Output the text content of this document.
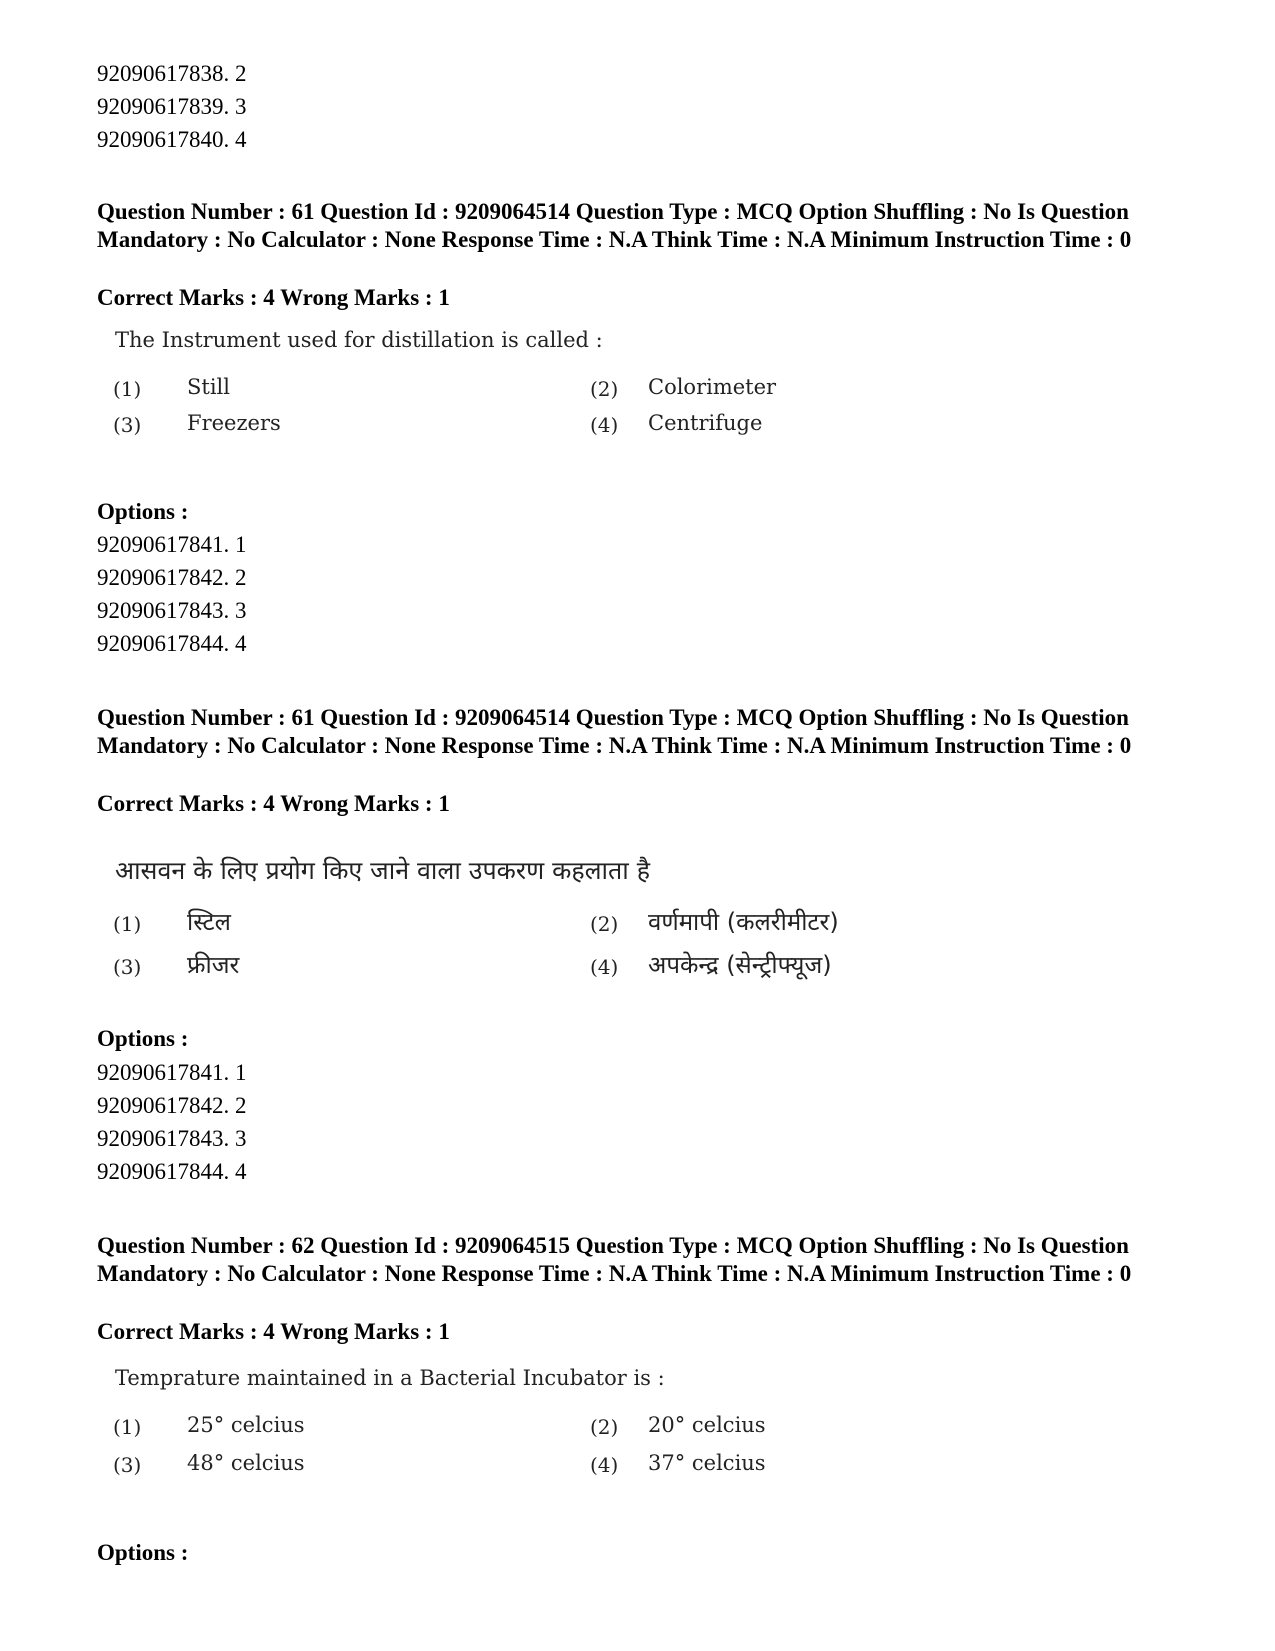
92090617838. 2
92090617839. 3
92090617840. 4
Question Number : 61 Question Id : 9209064514 Question Type : MCQ Option Shuffling : No Is Question Mandatory : No Calculator : None Response Time : N.A Think Time : N.A Minimum Instruction Time : 0
Correct Marks : 4 Wrong Marks : 1
The Instrument used for distillation is called :
(1) Still	(2) Colorimeter
(3) Freezers	(4) Centrifuge
Options :
92090617841. 1
92090617842. 2
92090617843. 3
92090617844. 4
Question Number : 61 Question Id : 9209064514 Question Type : MCQ Option Shuffling : No Is Question Mandatory : No Calculator : None Response Time : N.A Think Time : N.A Minimum Instruction Time : 0
Correct Marks : 4 Wrong Marks : 1
आसवन के लिए प्रयोग किए जाने वाला उपकरण कहलाता है
(1) स्टिल	(2) वर्णमापी (कलरीमीटर)
(3) फ्रीजर	(4) अपकेन्द्र (सेन्ट्रीफ्यूज)
Options :
92090617841. 1
92090617842. 2
92090617843. 3
92090617844. 4
Question Number : 62 Question Id : 9209064515 Question Type : MCQ Option Shuffling : No Is Question Mandatory : No Calculator : None Response Time : N.A Think Time : N.A Minimum Instruction Time : 0
Correct Marks : 4 Wrong Marks : 1
Temprature maintained in a Bacterial Incubator is :
(1) 25° celcius	(2) 20° celcius
(3) 48° celcius	(4) 37° celcius
Options :
